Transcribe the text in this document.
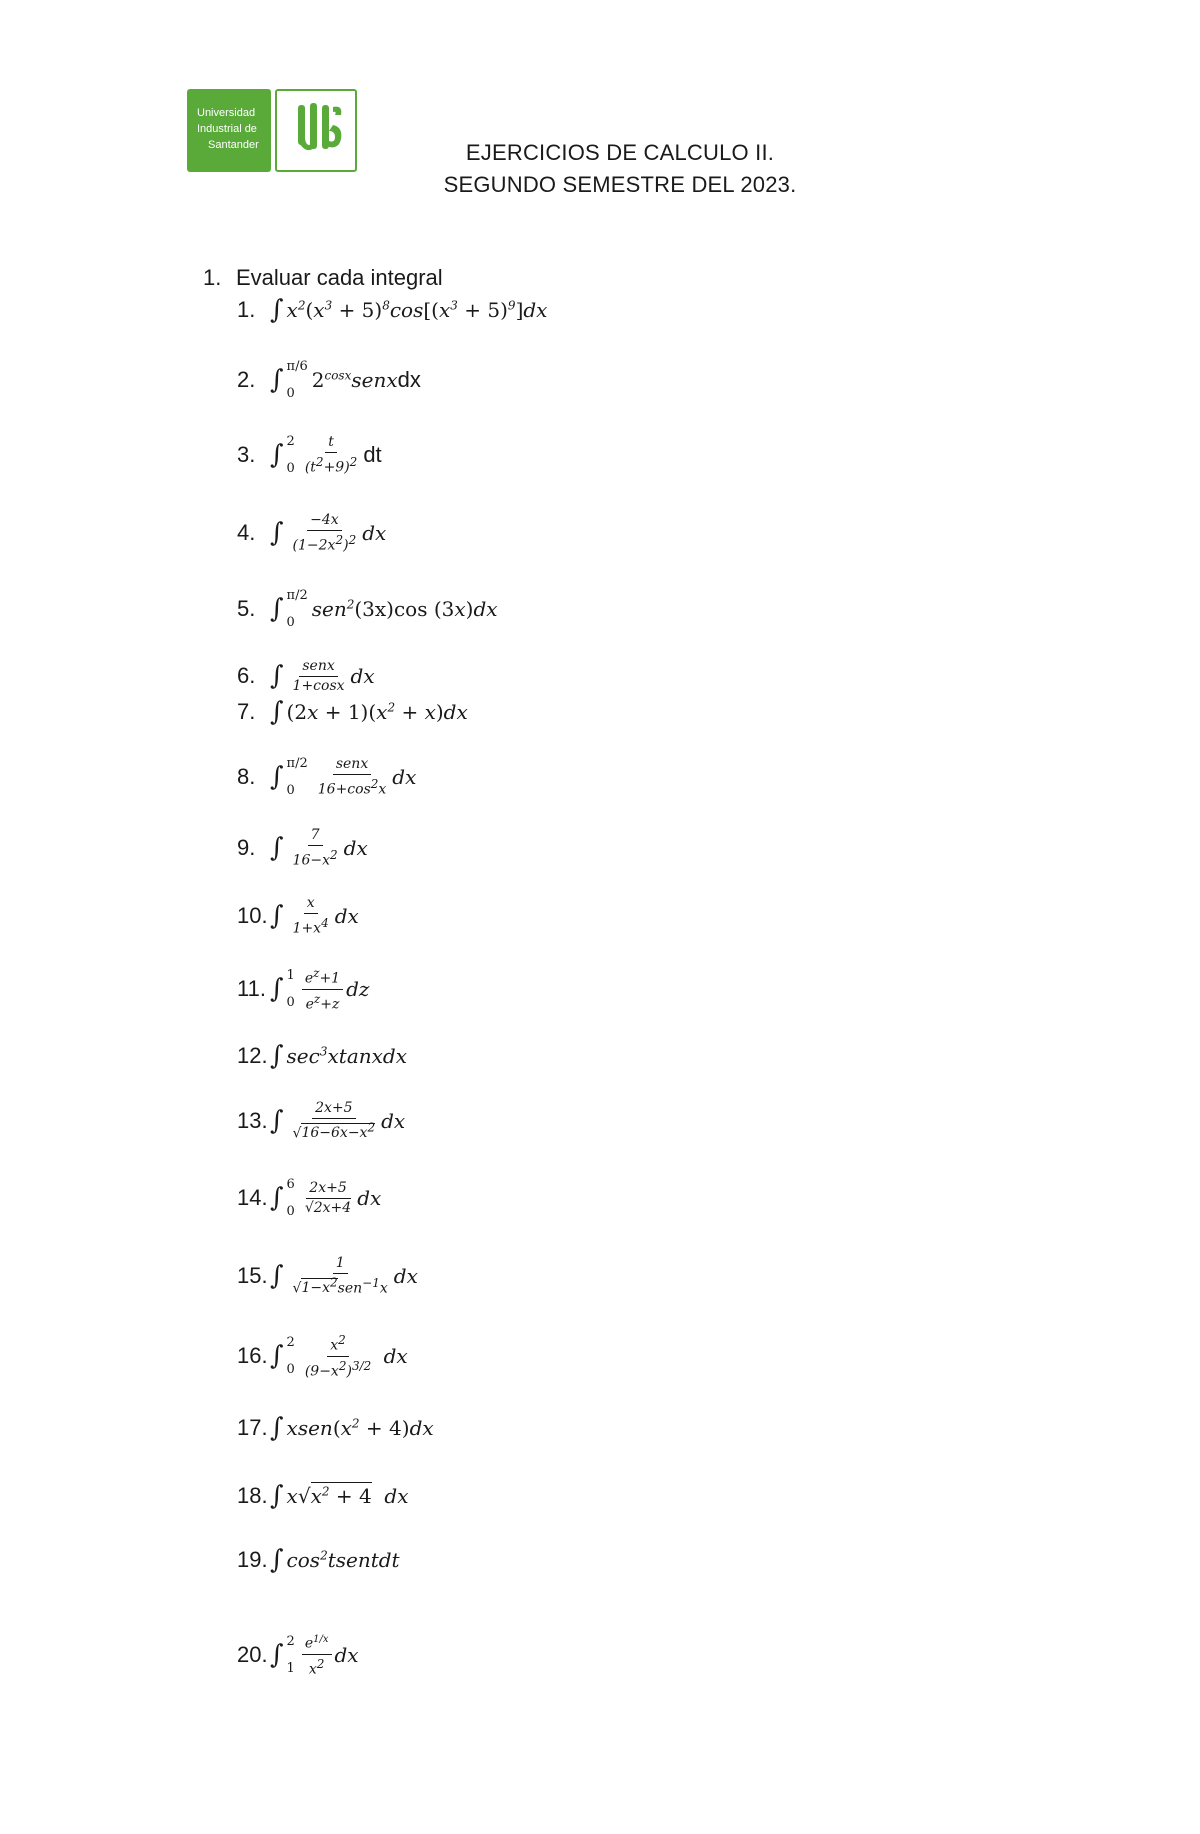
Universidad
Industrial de
Santander	EJERCICIOS DE CALCULO II.
SEGUNDO SEMESTRE DEL 2023.
1. Evaluar cada integral
1. ∫ $x^2(x^3 + 5)^8\cos[(x^3 + 5)^9]dx$
2. ∫ π/6
0
$2^{cosx}senx$ dx
3. ∫ 2
$0 \frac{t}{(t^2+9)^2}$ dt
4. ∫ $\frac{-4x}{(1-2x^2)^2}$ dx
5. ∫ π/2
0
sen$^2$(3x)cos (3x)dx
6. ∫ $\frac{\text{senx}}{1+\cos x}$ dx
7. ∫ $(2x + 1)(x^2 + x)dx$
8. ∫ π/2
0	$\frac{\text{senx}}{16+\cos^2x}$ dx
9. ∫ $\frac{7}{16-x^2}$ dx
10. ∫ $\frac{x}{1+x^4}$ dx
11. ∫ 1
$0 \frac{e^z+1}{e^z+z}$ dz
12. ∫ $\sec^3xtanxdx$
13. ∫ $\frac{2x+5}{√16-6x-x^2}$ dx
14. ∫ 6
$0 \frac{2x+5}{√2x+4}$ dx
15. ∫ $\frac{1}{√1-x^2sen^{-1}x}$ dx
16. ∫ 2
$0 \frac{x^2}{(9-x^2)^{3/2}}$ dx
17. ∫ $xsen(x^2 + 4)dx$
18. ∫ $x√x^2 + 4$  dx
19. ∫ $\cos^2tsentdt$
20. ∫ 2
$1 \frac{e^{1/x}}{x^2}$ dx
